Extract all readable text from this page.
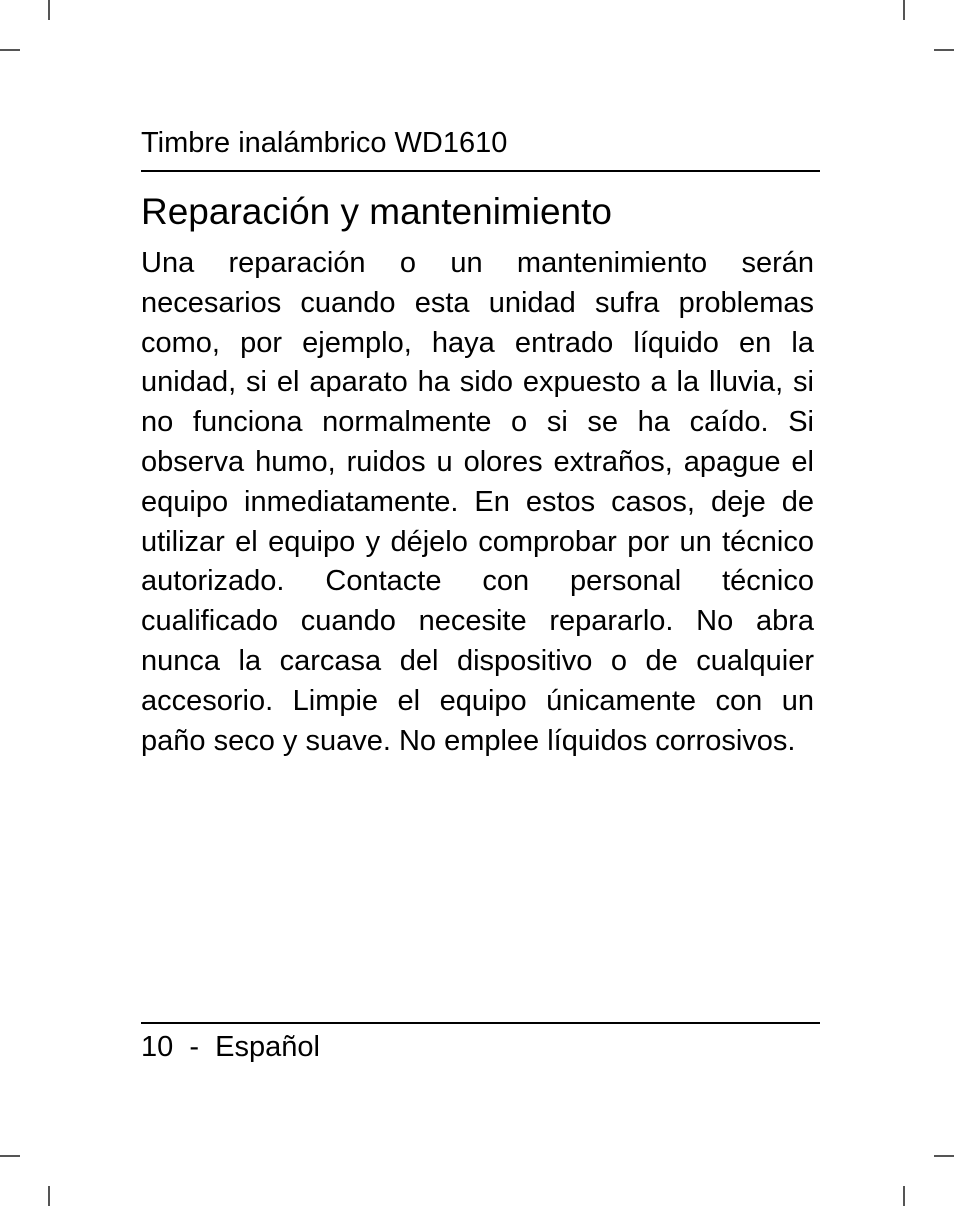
Timbre inalámbrico WD1610
Reparación y mantenimiento

Una reparación o un mantenimiento serán necesarios cuando esta unidad sufra problemas como, por ejemplo, haya entrado líquido en la unidad, si el aparato ha sido expuesto a la lluvia, si no funciona normalmente o si se ha caído. Si observa humo, ruidos u olores extraños, apague el equipo inmediatamente. En estos casos, deje de utilizar el equipo y déjelo comprobar por un técnico autorizado. Contacte con personal técnico cualificado cuando necesite repararlo. No abra nunca la carcasa del dispositivo o de cualquier accesorio. Limpie el equipo únicamente con un paño seco y suave. No emplee líquidos corrosivos.

10  -  Español
